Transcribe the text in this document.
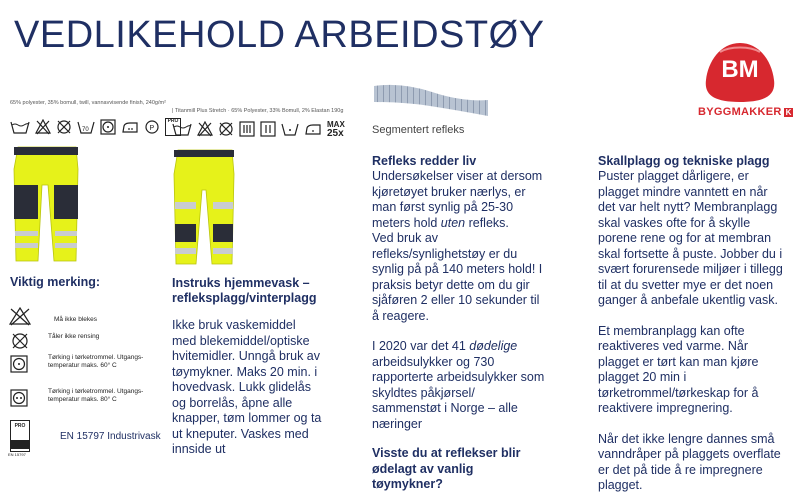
VEDLIKEHOLD ARBEIDSTØY
BM
BYGGMAKKER K
65% polyester, 35% bomull, twill, vannavvisende finish, 240g/m²
70	P
PRO
Viktig merking:
Må ikke blekes
Tåler ikke rensing
Tørking i tørketrommel. Utgangs-temperatur maks. 60° C
Tørking i tørketrommel. Utgangs-temperatur maks. 80° C
PRO
EN 15797 Industrivask
EN 15797
| Titanmill Plus Stretch · 65% Polyester, 33% Bomull, 2% Elastan 190g
MAX
25x
Instruks hjemmevask – refleksplagg/vinterplagg
Ikke bruk vaskemiddel med blekemiddel/optiske hvitemidler. Unngå bruk av tøymykner. Maks 20 min. i hovedvask. Lukk glidelås og borrelås, åpne alle knapper, tøm lommer og ta ut kneputer. Vaskes med innside ut
Segmentert refleks
Refleks redder liv

Undersøkelser viser at dersom kjøretøyet bruker nærlys, er man først synlig på 25-30 meters hold uten refleks.

Ved bruk av refleks/synlighetstøy er du synlig på på 140 meters hold! I praksis betyr dette om du gir sjåføren 2 eller 10 sekunder til å reagere.

I 2020 var det 41 dødelige arbeidsulykker og 730 rapporterte arbeidsulykker som skyldtes påkjørsel/ sammenstøt i Norge – alle næringer

Visste du at reflekser blir ødelagt av vanlig tøymykner?

Skallplagg og tekniske plagg

Puster plagget dårligere, er plagget mindre vanntett en når det var helt nytt? Membranplagg skal vaskes ofte for å skylle porene rene og for at membran skal fortsette å puste. Jobber du i svært forurensede miljøer i tillegg til at du svetter mye er det noen ganger å anbefale ukentlig vask.

Et membranplagg kan ofte reaktiveres ved varme. Når plagget er tørt kan man kjøre plagget 20 min i tørketrommel/tørkeskap for å reaktivere impregnering.

Når det ikke lengre dannes små vanndråper på plaggets overflate er det på tide å re impregnere plagget.
